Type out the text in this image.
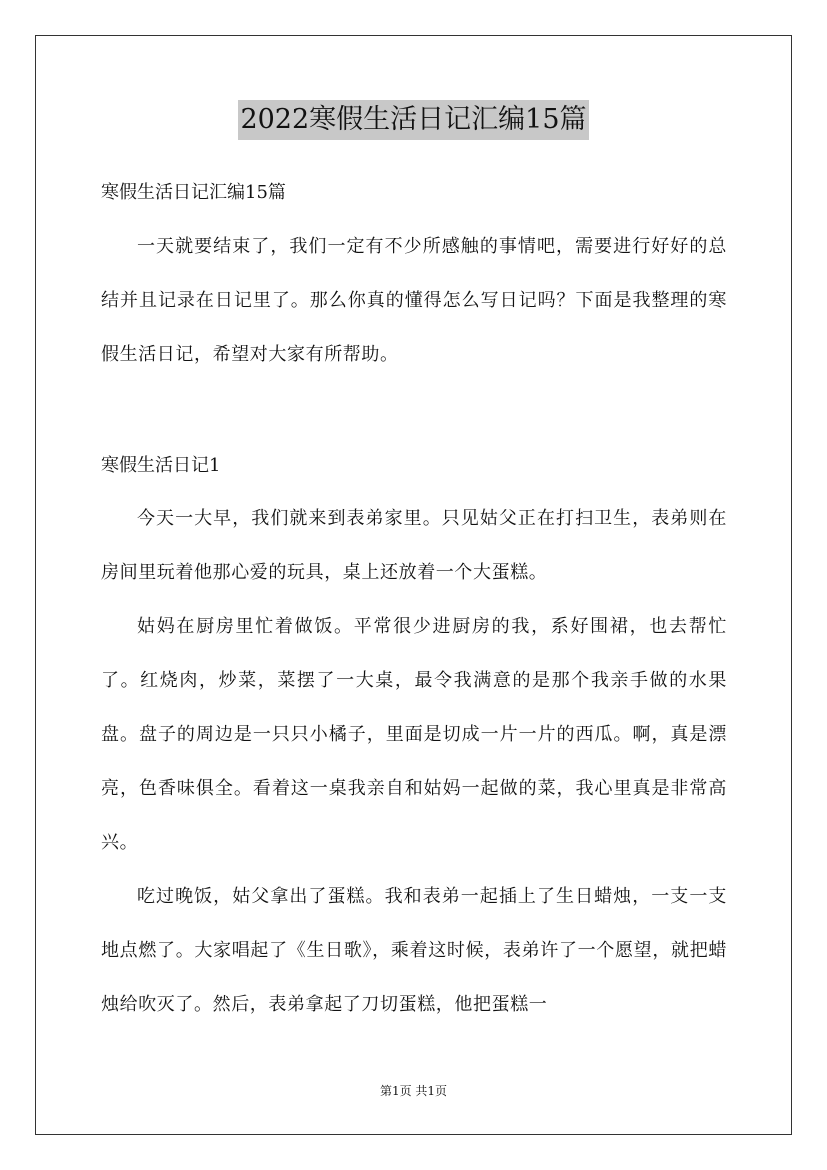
2022寒假生活日记汇编15篇
寒假生活日记汇编15篇

一天就要结束了，我们一定有不少所感触的事情吧，需要进行好好的总结并且记录在日记里了。那么你真的懂得怎么写日记吗？下面是我整理的寒假生活日记，希望对大家有所帮助。

寒假生活日记1

今天一大早，我们就来到表弟家里。只见姑父正在打扫卫生，表弟则在房间里玩着他那心爱的玩具，桌上还放着一个大蛋糕。

姑妈在厨房里忙着做饭。平常很少进厨房的我，系好围裙，也去帮忙了。红烧肉，炒菜，菜摆了一大桌，最令我满意的是那个我亲手做的水果盘。盘子的周边是一只只小橘子，里面是切成一片一片的西瓜。啊，真是漂亮，色香味俱全。看着这一桌我亲自和姑妈一起做的菜，我心里真是非常高兴。

吃过晚饭，姑父拿出了蛋糕。我和表弟一起插上了生日蜡烛，一支一支地点燃了。大家唱起了《生日歌》，乘着这时候，表弟许了一个愿望，就把蜡烛给吹灭了。然后，表弟拿起了刀切蛋糕，他把蛋糕一

第1页 共1页
